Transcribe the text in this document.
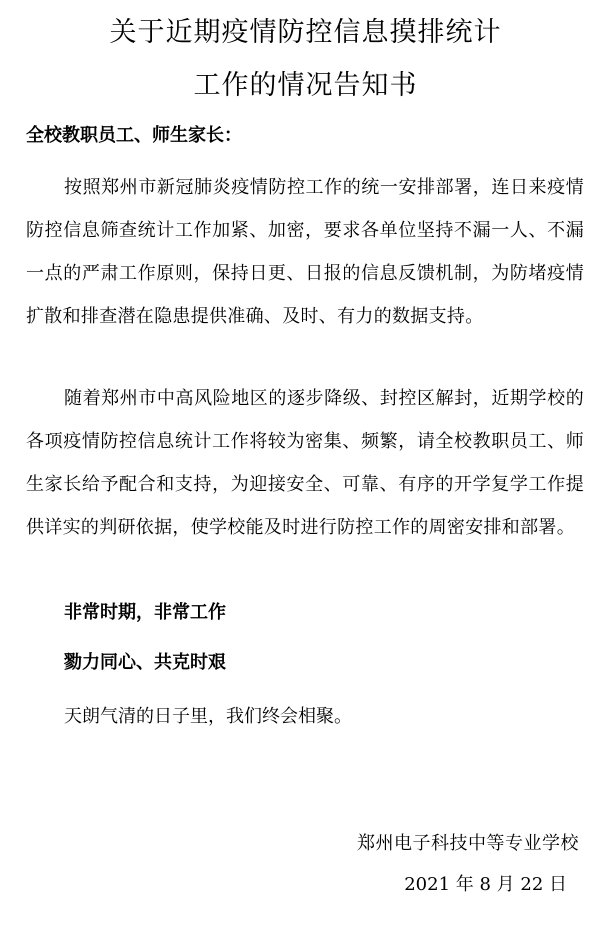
关于近期疫情防控信息摸排统计
工作的情况告知书
全校教职员工、师生家长：
按照郑州市新冠肺炎疫情防控工作的统一安排部署，连日来疫情防控信息筛查统计工作加紧、加密，要求各单位坚持不漏一人、不漏一点的严肃工作原则，保持日更、日报的信息反馈机制，为防堵疫情扩散和排查潜在隐患提供准确、及时、有力的数据支持。
随着郑州市中高风险地区的逐步降级、封控区解封，近期学校的各项疫情防控信息统计工作将较为密集、频繁，请全校教职员工、师生家长给予配合和支持，为迎接安全、可靠、有序的开学复学工作提供详实的判研依据，使学校能及时进行防控工作的周密安排和部署。
非常时期，非常工作
勠力同心、共克时艰
天朗气清的日子里，我们终会相聚。
郑州电子科技中等专业学校
2021 年 8 月 22 日
